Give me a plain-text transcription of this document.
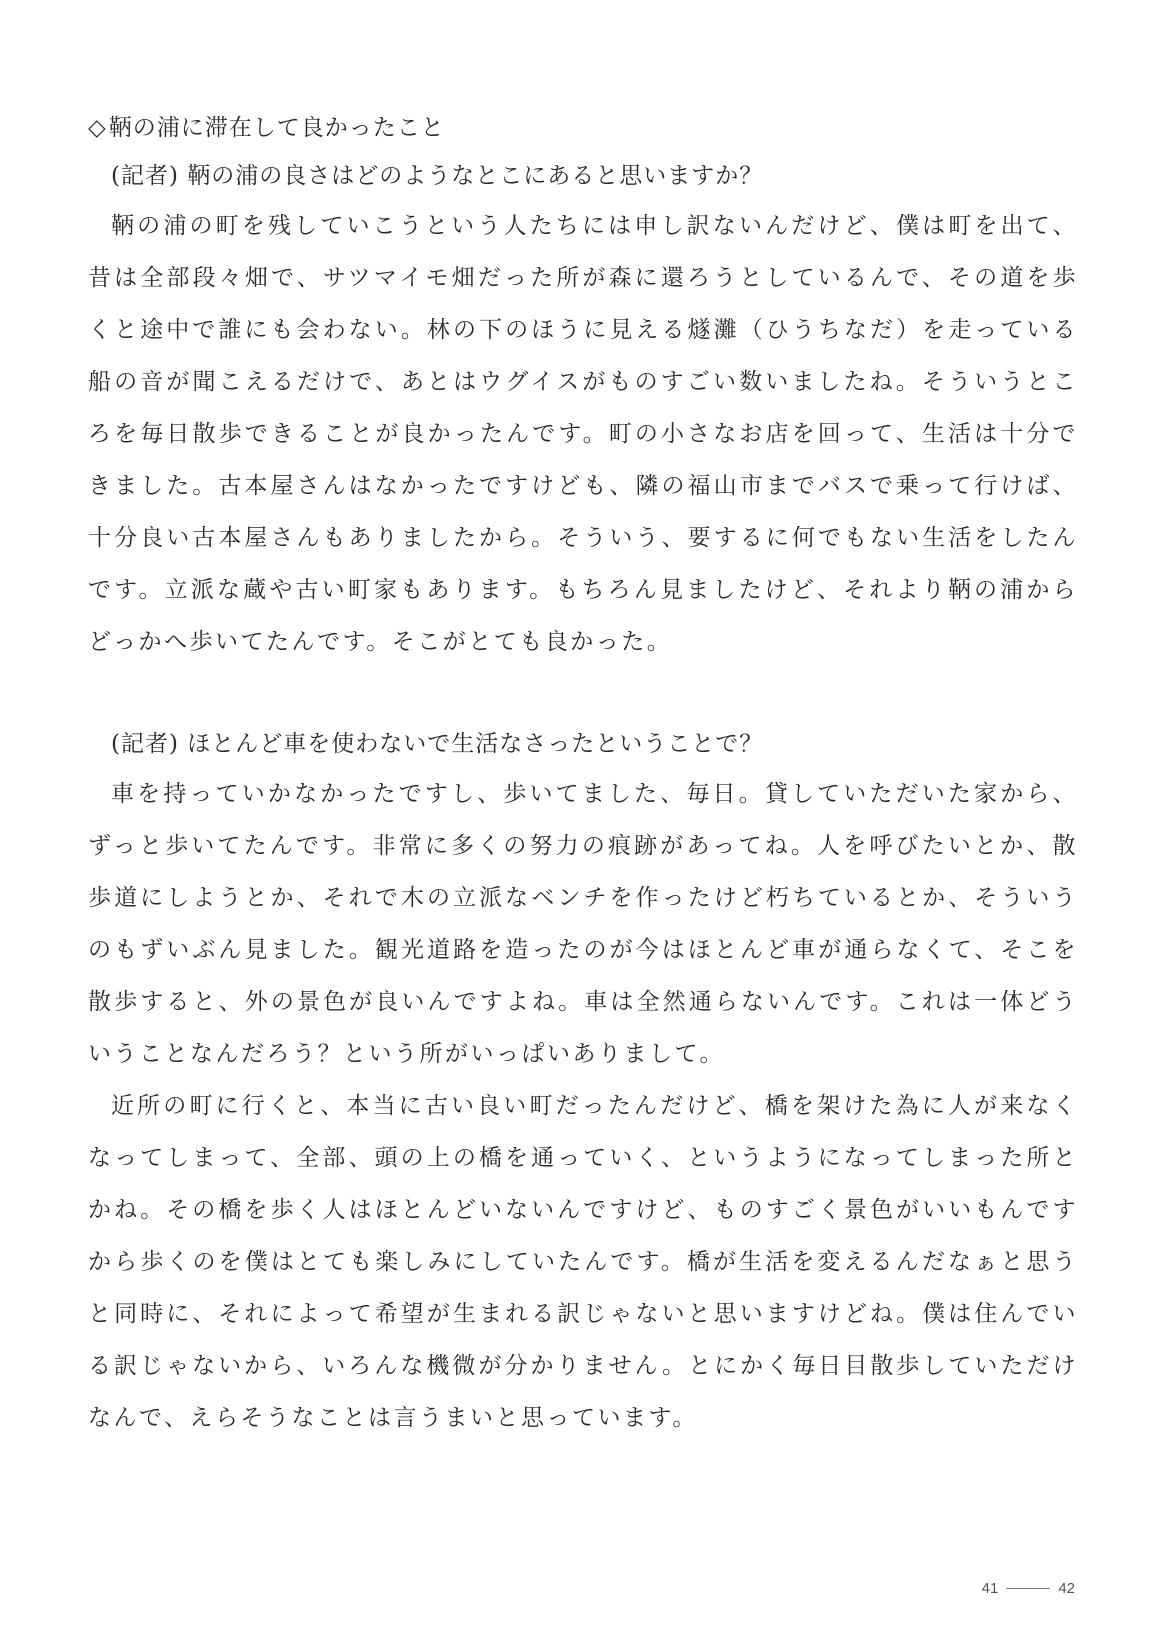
◇鞆の浦に滞在して良かったこと
(記者) 鞆の浦の良さはどのようなとこにあると思いますか？

鞆の浦の町を残していこうという人たちには申し訳ないんだけど、僕は町を出て、昔は全部段々畑で、サツマイモ畑だった所が森に還ろうとしているんで、その道を歩くと途中で誰にも会わない。林の下のほうに見える燧灘（ひうちなだ）を走っている船の音が聞こえるだけで、あとはウグイスがものすごい数いましたね。そういうところを毎日散歩できることが良かったんです。町の小さなお店を回って、生活は十分できました。古本屋さんはなかったですけども、隣の福山市までバスで乗って行けば、十分良い古本屋さんもありましたから。そういう、要するに何でもない生活をしたんです。立派な蔵や古い町家もあります。もちろん見ましたけど、それより鞆の浦からどっかへ歩いてたんです。そこがとても良かった。

(記者) ほとんど車を使わないで生活なさったということで？

車を持っていかなかったですし、歩いてました、毎日。貸していただいた家から、ずっと歩いてたんです。非常に多くの努力の痕跡があってね。人を呼びたいとか、散歩道にしようとか、それで木の立派なベンチを作ったけど朽ちているとか、そういうのもずいぶん見ました。観光道路を造ったのが今はほとんど車が通らなくて、そこを散歩すると、外の景色が良いんですよね。車は全然通らないんです。これは一体どういうことなんだろう？という所がいっぱいありまして。

近所の町に行くと、本当に古い良い町だったんだけど、橋を架けた為に人が来なくなってしまって、全部、頭の上の橋を通っていく、というようになってしまった所とかね。その橋を歩く人はほとんどいないんですけど、ものすごく景色がいいもんですから歩くのを僕はとても楽しみにしていたんです。橋が生活を変えるんだなぁと思うと同時に、それによって希望が生まれる訳じゃないと思いますけどね。僕は住んでいる訳じゃないから、いろんな機微が分かりません。とにかく毎日目散歩していただけなんで、えらそうなことは言うまいと思っています。

41	42
